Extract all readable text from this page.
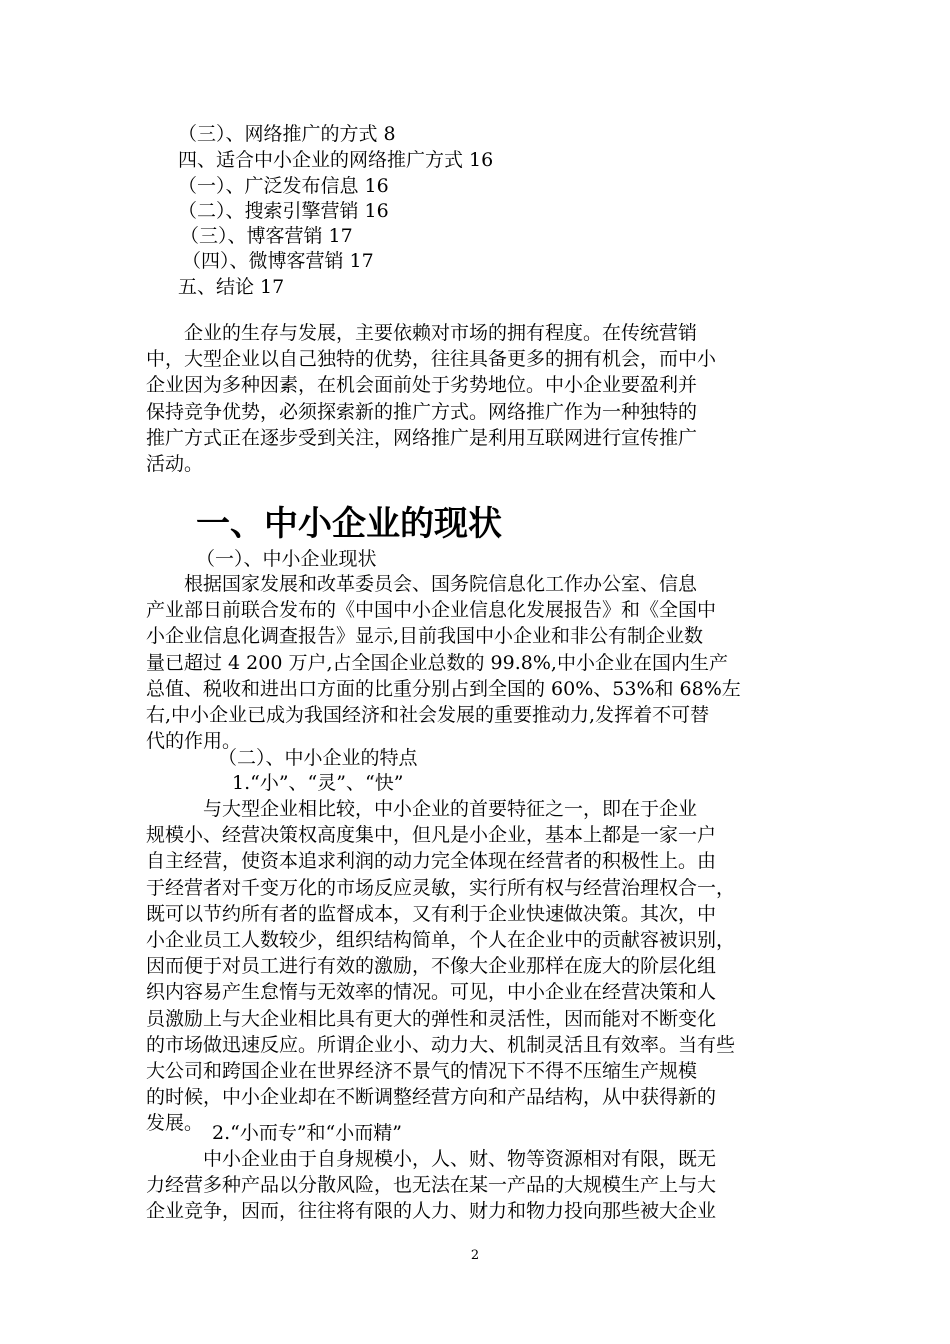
（三）、网络推广的方式 8
四、适合中小企业的网络推广方式 16
（一）、广泛发布信息 16
（二）、搜索引擎营销 16
（三）、博客营销 17
（四）、微博客营销 17
五、结论 17
　　企业的生存与发展，主要依赖对市场的拥有程度。在传统营销
中，大型企业以自己独特的优势，往往具备更多的拥有机会，而中小
企业因为多种因素，在机会面前处于劣势地位。中小企业要盈利并
保持竞争优势，必须探索新的推广方式。网络推广作为一种独特的
推广方式正在逐步受到关注，网络推广是利用互联网进行宣传推广
活动。
一、中小企业的现状
（一）、中小企业现状
　　根据国家发展和改革委员会、国务院信息化工作办公室、信息
产业部日前联合发布的《中国中小企业信息化发展报告》和《全国中
小企业信息化调查报告》显示,目前我国中小企业和非公有制企业数
量已超过 4 200 万户,占全国企业总数的 99.8%,中小企业在国内生产
总值、税收和进出口方面的比重分别占到全国的 60%、53%和 68%左
右,中小企业已成为我国经济和社会发展的重要推动力,发挥着不可替
代的作用。
（二）、中小企业的特点
1.“小”、“灵”、“快”
　　　与大型企业相比较，中小企业的首要特征之一，即在于企业
规模小、经营决策权高度集中，但凡是小企业，基本上都是一家一户
自主经营，使资本追求利润的动力完全体现在经营者的积极性上。由
于经营者对千变万化的市场反应灵敏，实行所有权与经营治理权合一，
既可以节约所有者的监督成本，又有利于企业快速做决策。其次，中
小企业员工人数较少，组织结构简单，个人在企业中的贡献容被识别，
因而便于对员工进行有效的激励，不像大企业那样在庞大的阶层化组
织内容易产生怠惰与无效率的情况。可见，中小企业在经营决策和人
员激励上与大企业相比具有更大的弹性和灵活性，因而能对不断变化
的市场做迅速反应。所谓企业小、动力大、机制灵活且有效率。当有些
大公司和跨国企业在世界经济不景气的情况下不得不压缩生产规模
的时候，中小企业却在不断调整经营方向和产品结构，从中获得新的
发展。 2.“小而专”和“小而精”
　　　中小企业由于自身规模小，人、财、物等资源相对有限，既无
力经营多种产品以分散风险，也无法在某一产品的大规模生产上与大
企业竞争，因而，往往将有限的人力、财力和物力投向那些被大企业
2
